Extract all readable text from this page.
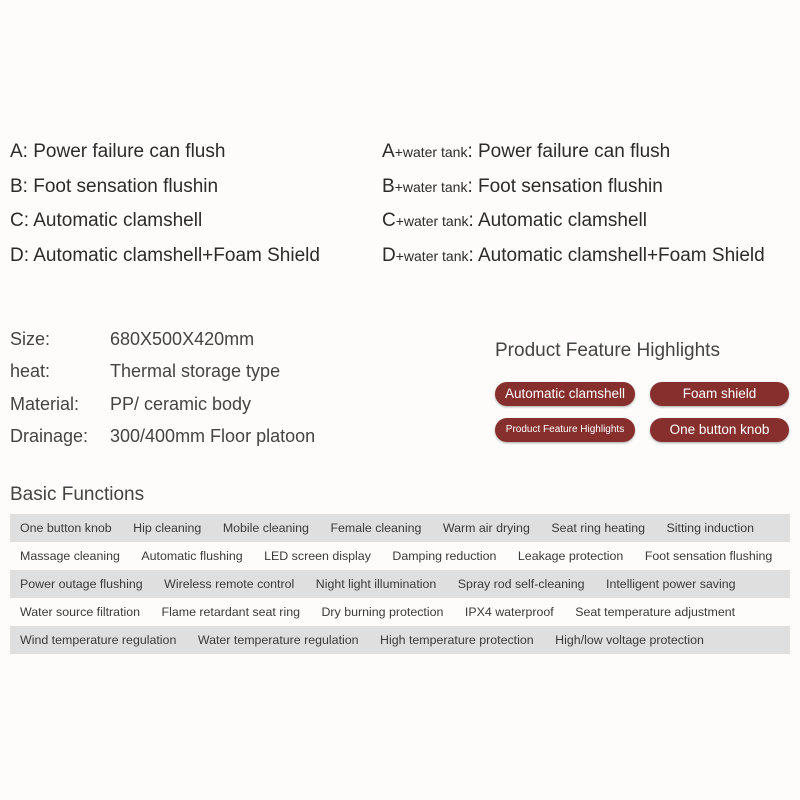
A: Power failure can flush	A+water tank: Power failure can flush
B: Foot sensation flushin	B+water tank: Foot sensation flushin
C: Automatic clamshell	C+water tank: Automatic clamshell
D: Automatic clamshell+Foam Shield	D+water tank: Automatic clamshell+Foam Shield
Size:	680X500X420mm
heat:	Thermal storage type
Material: PP/ ceramic body
Drainage: 300/400mm Floor platoon
Product Feature Highlights
Automatic clamshell	Foam shield
Product Feature Highlights	One button knob
Basic Functions
One button knob	Hip cleaning	Mobile cleaning	Female cleaning	Warm air drying	Seat ring heating	Sitting induction
Massage cleaning	Automatic flushing	LED screen display	Damping reduction	Leakage protection	Foot sensation flushing
Power outage flushing	Wireless remote control	Night light illumination	Spray rod self-cleaning	Intelligent power saving
Water source filtration	Flame retardant seat ring	Dry burning protection	IPX4 waterproof	Seat temperature adjustment
Wind temperature regulation	Water temperature regulation	High temperature protection	High/low voltage protection
